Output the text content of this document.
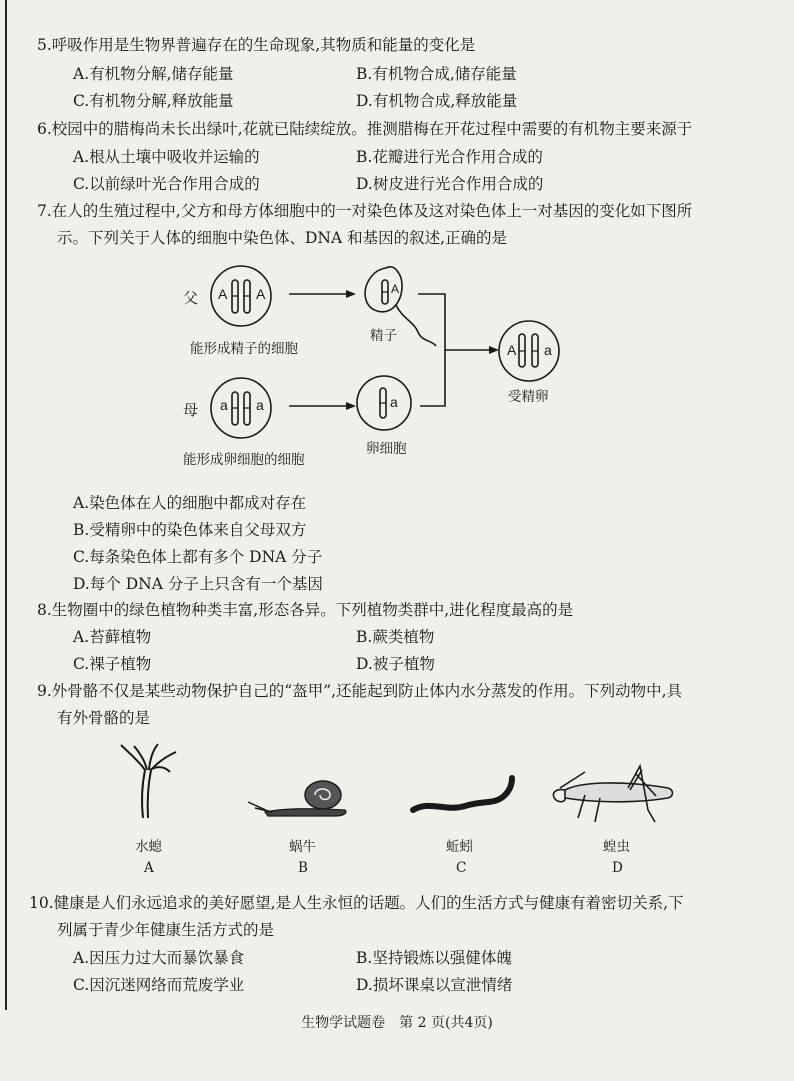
5.呼吸作用是生物界普遍存在的生命现象,其物质和能量的变化是
A.有机物分解,储存能量	B.有机物合成,储存能量
C.有机物分解,释放能量	D.有机物合成,释放能量
6.校园中的腊梅尚未长出绿叶,花就已陆续绽放。推测腊梅在开花过程中需要的有机物主要来源于
A.根从土壤中吸收并运输的	B.花瓣进行光合作用合成的
C.以前绿叶光合作用合成的	D.树皮进行光合作用合成的
7.在人的生殖过程中,父方和母方体细胞中的一对染色体及这对染色体上一对基因的变化如下图所
示。下列关于人体的细胞中染色体、DNA 和基因的叙述,正确的是
A A
a a
A
a
A a
父
母
能形成精子的细胞
能形成卵细胞的细胞
精子
卵细胞
受精卵
A.染色体在人的细胞中都成对存在
B.受精卵中的染色体来自父母双方
C.每条染色体上都有多个 DNA 分子
D.每个 DNA 分子上只含有一个基因
8.生物圈中的绿色植物种类丰富,形态各异。下列植物类群中,进化程度最高的是
A.苔藓植物	B.蕨类植物
C.裸子植物	D.被子植物
9.外骨骼不仅是某些动物保护自己的“盔甲”,还能起到防止体内水分蒸发的作用。下列动物中,具
有外骨骼的是
水螅
A
蜗牛
B
蚯蚓
C
蝗虫
D
10.健康是人们永远追求的美好愿望,是人生永恒的话题。人们的生活方式与健康有着密切关系,下
列属于青少年健康生活方式的是
A.因压力过大而暴饮暴食	B.坚持锻炼以强健体魄
C.因沉迷网络而荒废学业	D.损坏课桌以宣泄情绪
生物学试题卷　第 2 页(共4页)
